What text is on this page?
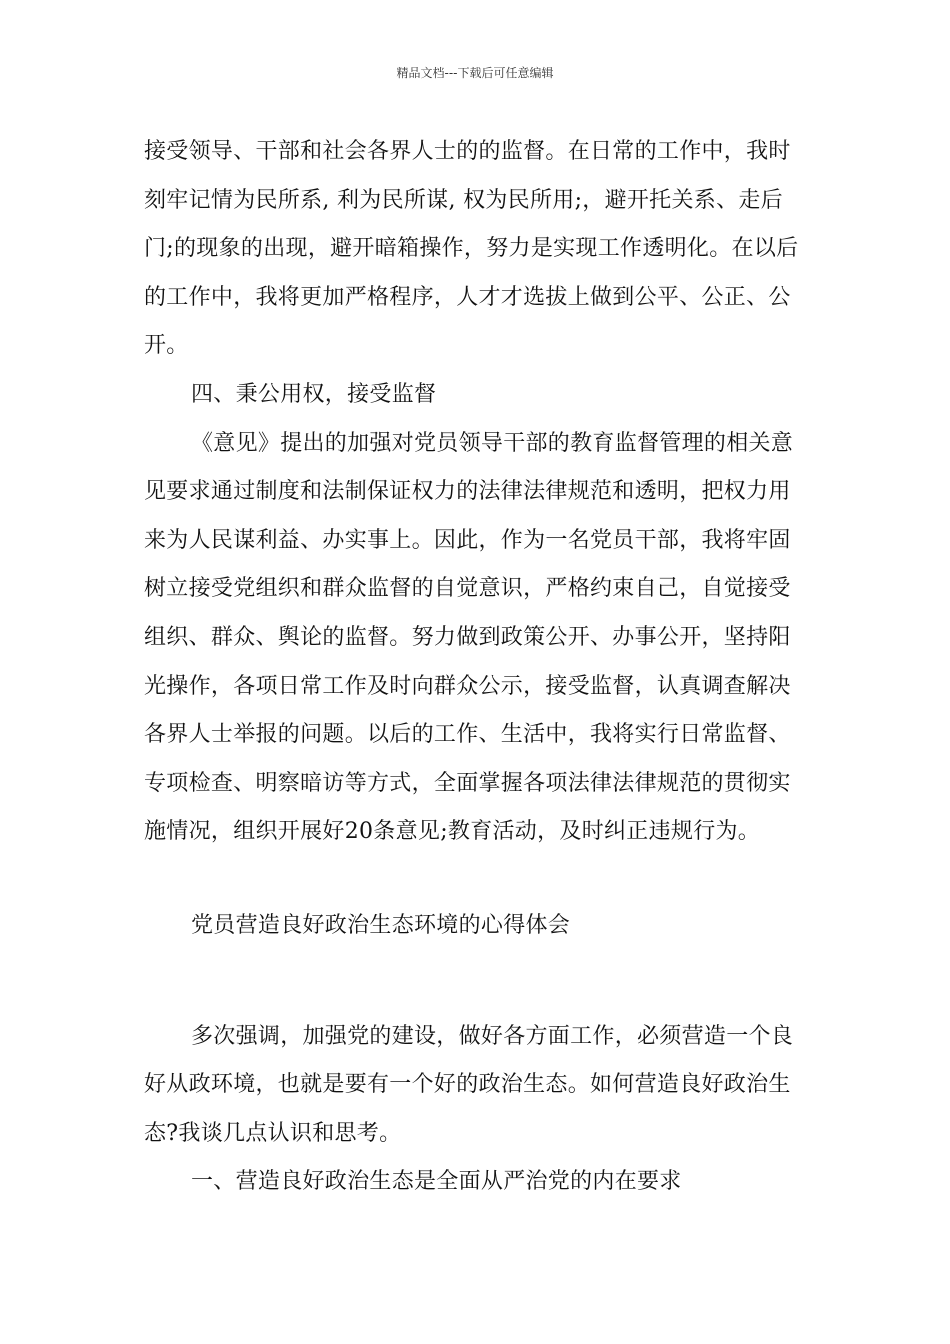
精品文档---下载后可任意编辑
接受领导、干部和社会各界人士的的监督。在日常的工作中，我时
刻牢记情为民所系, 利为民所谋, 权为民所用;，避开托关系、走后
门;的现象的出现，避开暗箱操作，努力是实现工作透明化。在以后
的工作中，我将更加严格程序，人才才选拔上做到公平、公正、公
开。
四、秉公用权，接受监督
《意见》提出的加强对党员领导干部的教育监督管理的相关意
见要求通过制度和法制保证权力的法律法律规范和透明，把权力用
来为人民谋利益、办实事上。因此，作为一名党员干部，我将牢固
树立接受党组织和群众监督的自觉意识，严格约束自己，自觉接受
组织、群众、舆论的监督。努力做到政策公开、办事公开，坚持阳
光操作，各项日常工作及时向群众公示，接受监督，认真调查解决
各界人士举报的问题。以后的工作、生活中，我将实行日常监督、
专项检查、明察暗访等方式，全面掌握各项法律法律规范的贯彻实
施情况，组织开展好20条意见;教育活动，及时纠正违规行为。
党员营造良好政治生态环境的心得体会
多次强调，加强党的建设，做好各方面工作，必须营造一个良
好从政环境，也就是要有一个好的政治生态。如何营造良好政治生
态?我谈几点认识和思考。
一、营造良好政治生态是全面从严治党的内在要求
